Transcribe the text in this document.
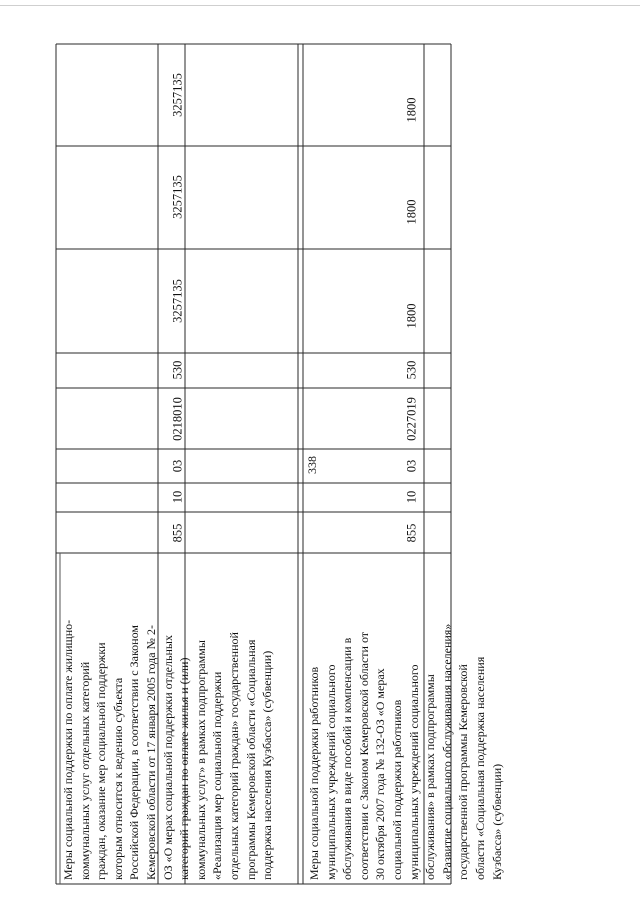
338
Меры социальной поддержки по оплате жилищно- коммунальных услуг отдельных категорий граждан, оказание мер социальной поддержки которым относится к ведению субъекта Российской Федерации, в соответствии с Законом Кемеровской области от 17 января 2005 года № 2- ОЗ «О мерах социальной поддержки отдельных категорий граждан по оплате жилья и (или) коммунальных услуг» в рамках подпрограммы «Реализация мер социальной поддержки отдельных категорий граждан» государственной программы Кемеровской области «Социальная поддержка населения Кузбасса» (субвенции)
855
10
03
0218010
530
3257135
3257135
3257135
Меры социальной поддержки работников муниципальных учреждений социального обслуживания в виде пособий и компенсации в соответствии с Законом Кемеровской области от 30 октября 2007 года № 132-ОЗ «О мерах социальной поддержки работников муниципальных учреждений социального обслуживания» в рамках подпрограммы «Развитие социального обслуживания населения» государственной программы Кемеровской области «Социальная поддержка населения Кузбасса» (субвенции)
855
10
03
0227019
530
1800
1800
1800
